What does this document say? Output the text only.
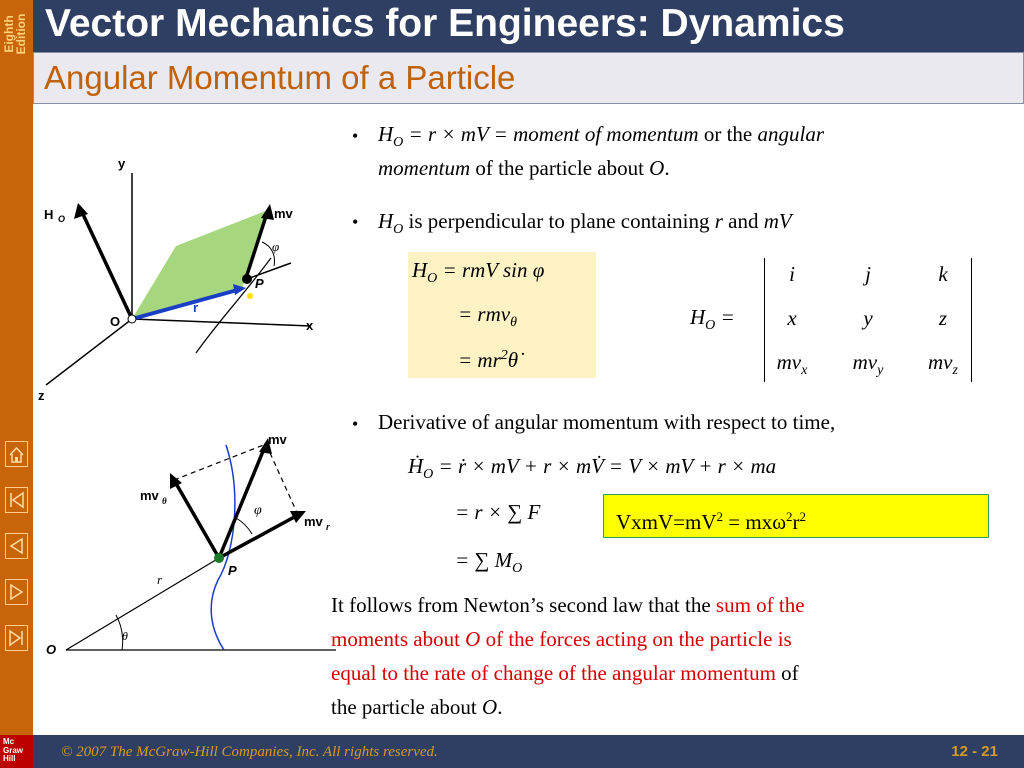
Eighth
Edition
Mc
Graw
Hill
Vector Mechanics for Engineers: Dynamics
Angular Momentum of a Particle
y
x
z
O
H O	mv
φ
P
r
mv
mv θ
mv r
φ
P
r
O
θ
• $H_O = r$ × mV = moment of momentum or the angular
momentum of the particle about O.
• $H_O$ is perpendicular to plane containing r and mV
$H_O$ = rmV sin φ
= rmv$_\theta$
= $mr^2\thetȧ$
$H_O$ =
i	j	k
x	y	z
$mv_x$	$mv_y$	$mv_z$
• Derivative of angular momentum with respect to time,
$H_O$ = ṙ × mV + r × mV̇ = V × mV + r × ma
= r × ∑ F
= ∑ $M_O$
$VxmV=mV^2 = mx\omega^2r^2$
It follows from Newton’s second law that the sum of the
moments about O of the forces acting on the particle is
equal to the rate of change of the angular momentum of
the particle about O.
© 2007 The McGraw-Hill Companies, Inc. All rights reserved.	12 - 21
